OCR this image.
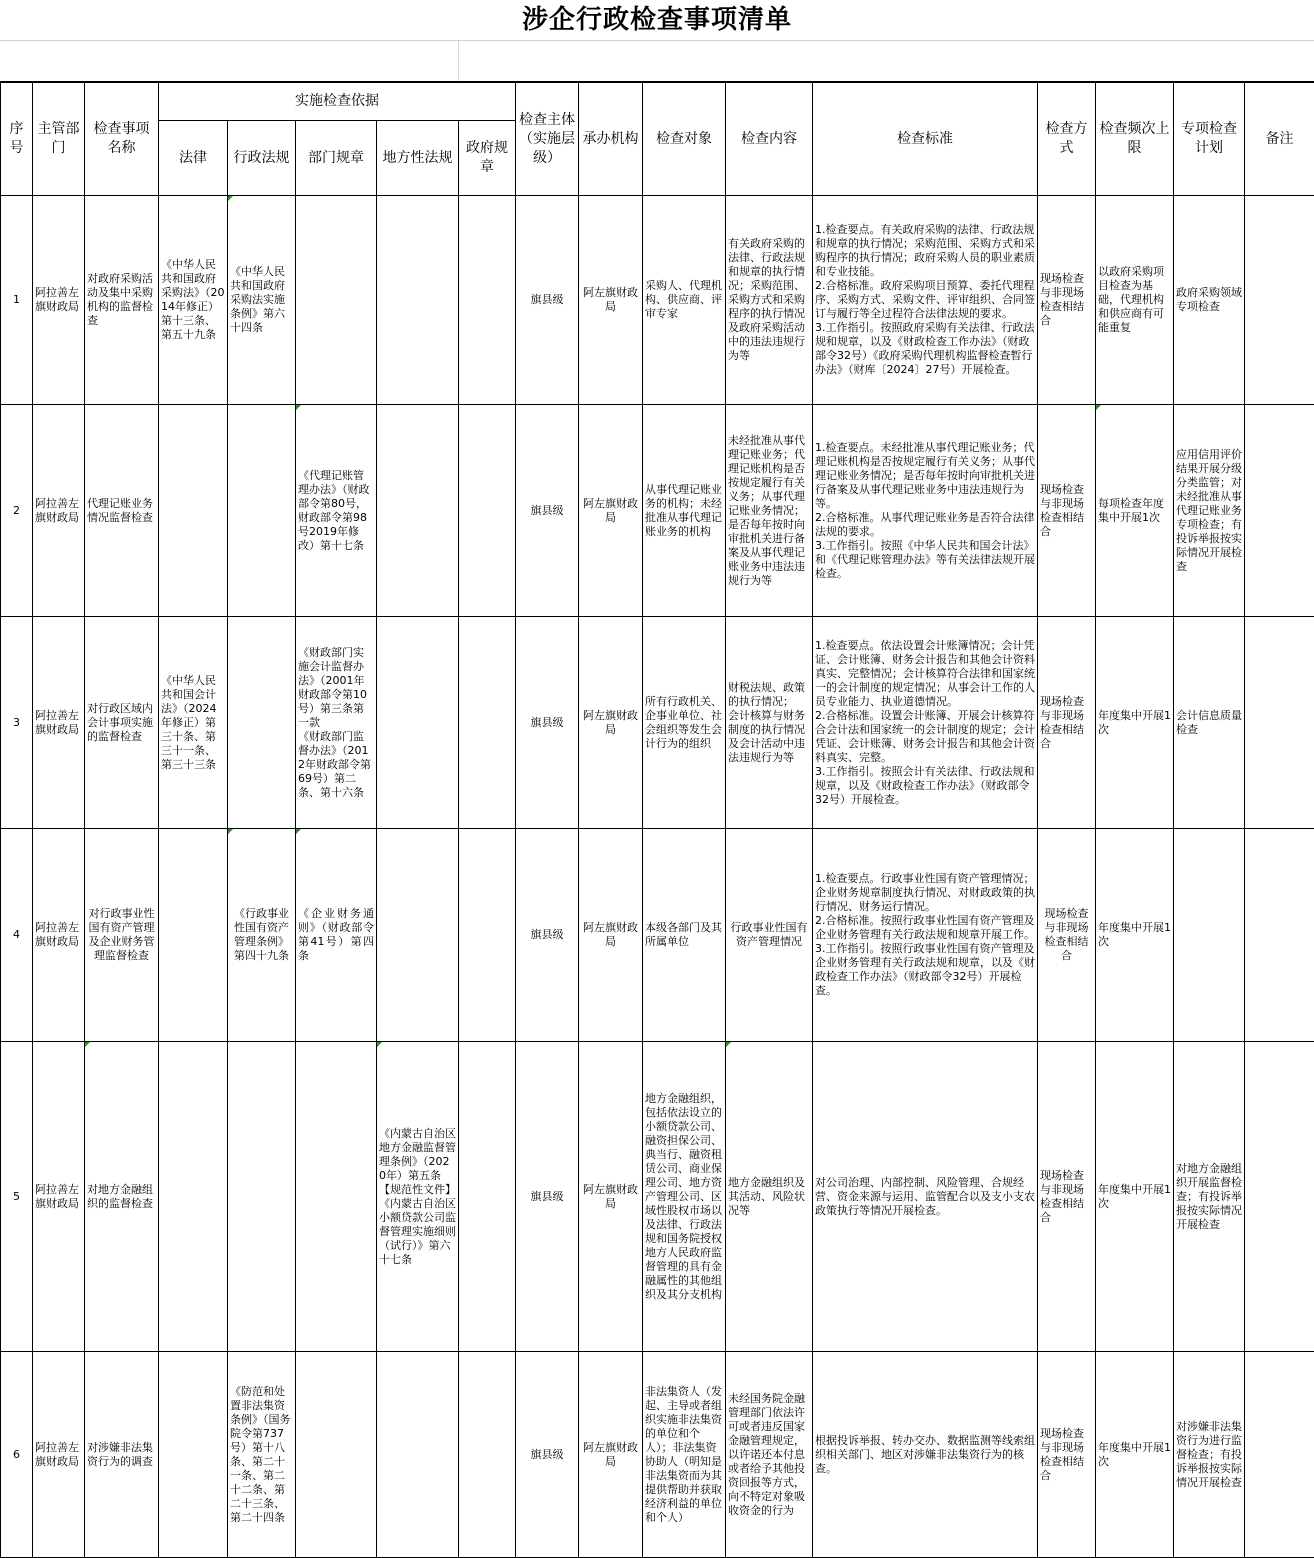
涉企行政检查事项清单
序号	主管部门	检查事项名称	实施检查依据					检查主体（实施层级）	承办机构	检查对象	检查内容	检查标准	检查方式	检查频次上限	专项检查计划	备注
			法律	行政法规	部门规章	地方性法规	政府规章									
1	阿拉善左旗财政局	对政府采购活动及集中采购机构的监督检查	《中华人民共和国政府采购法》（2014年修正）第十三条、第五十九条	《中华人民共和国政府采购法实施条例》第六十四条				旗县级	阿左旗财政局	采购人、代理机构、供应商、评审专家	有关政府采购的法律、行政法规和规章的执行情况；采购范围、采购方式和采购程序的执行情况及政府采购活动中的违法违规行为等	1.检查要点。有关政府采购的法律、行政法规和规章的执行情况；采购范围、采购方式和采购程序的执行情况；政府采购人员的职业素质和专业技能。
2.合格标准。政府采购项目预算、委托代理程序、采购方式、采购文件、评审组织、合同签订与履行等全过程符合法律法规的要求。
3.工作指引。按照政府采购有关法律、行政法规和规章，以及《财政检查工作办法》（财政部令32号）《政府采购代理机构监督检查暂行办法》（财库〔2024〕27号）开展检查。	现场检查与非现场检查相结合	以政府采购项目检查为基础，代理机构和供应商有可能重复	政府采购领域专项检查	
2	阿拉善左旗财政局	代理记账业务情况监督检查			《代理记账管理办法》（财政部令第80号，财政部令第98号2019年修改）第十七条			旗县级	阿左旗财政局	从事代理记账业务的机构；未经批准从事代理记账业务的机构	未经批准从事代理记账业务；代理记账机构是否按规定履行有关义务；从事代理记账业务情况；是否每年按时向审批机关进行备案及从事代理记账业务中违法违规行为等	1.检查要点。未经批准从事代理记账业务；代理记账机构是否按规定履行有关义务；从事代理记账业务情况；是否每年按时向审批机关进行备案及从事代理记账业务中违法违规行为等。
2.合格标准。从事代理记账业务是否符合法律法规的要求。
3.工作指引。按照《中华人民共和国会计法》和《代理记账管理办法》等有关法律法规开展检查。	现场检查与非现场检查相结合	每项检查年度集中开展1次	应用信用评价结果开展分级分类监管；对未经批准从事代理记账业务专项检查；有投诉举报按实际情况开展检查	
3	阿拉善左旗财政局	对行政区域内会计事项实施的监督检查	《中华人民共和国会计法》（2024年修正）第三十条、第三十一条、第三十三条		《财政部门实施会计监督办法》（2001年财政部令第10号）第三条第一款
《财政部门监督办法》（2012年财政部令第69号）第二条、第十六条			旗县级	阿左旗财政局	所有行政机关、企事业单位、社会组织等发生会计行为的组织	财税法规、政策的执行情况；
会计核算与财务制度的执行情况及会计活动中违法违规行为等	1.检查要点。依法设置会计账簿情况；会计凭证、会计账簿、财务会计报告和其他会计资料真实、完整情况；会计核算符合法律和国家统一的会计制度的规定情况；从事会计工作的人员专业能力、执业道德情况。
2.合格标准。设置会计账簿、开展会计核算符合会计法和国家统一的会计制度的规定；会计凭证、会计账簿、财务会计报告和其他会计资料真实、完整。
3.工作指引。按照会计有关法律、行政法规和规章，以及《财政检查工作办法》（财政部令32号）开展检查。	现场检查与非现场检查相结合	年度集中开展1次	会计信息质量检查	
4	阿拉善左旗财政局	对行政事业性国有资产管理及企业财务管理监督检查		《行政事业性国有资产管理条例》第四十九条	《企业财务通则》（财政部令第41号）第四条			旗县级	阿左旗财政局	本级各部门及其所属单位	行政事业性国有资产管理情况	1.检查要点。行政事业性国有资产管理情况；企业财务规章制度执行情况、对财政政策的执行情况、财务运行情况。
2.合格标准。按照行政事业性国有资产管理及企业财务管理有关行政法规和规章开展工作。
3.工作指引。按照行政事业性国有资产管理及企业财务管理有关行政法规和规章，以及《财政检查工作办法》（财政部令32号）开展检查。	现场检查与非现场检查相结合	年度集中开展1次		
5	阿拉善左旗财政局	对地方金融组织的监督检查				《内蒙古自治区地方金融监督管理条例》（2020年）第五条
【规范性文件】《内蒙古自治区小额贷款公司监督管理实施细则（试行）》第六十七条		旗县级	阿左旗财政局	地方金融组织，包括依法设立的小额贷款公司、融资担保公司、典当行、融资租赁公司、商业保理公司、地方资产管理公司、区域性股权市场以及法律、行政法规和国务院授权地方人民政府监督管理的具有金融属性的其他组织及其分支机构	地方金融组织及其活动、风险状况等	对公司治理、内部控制、风险管理、合规经营、资金来源与运用、监管配合以及支小支农政策执行等情况开展检查。	现场检查与非现场检查相结合	年度集中开展1次	对地方金融组织开展监督检查；有投诉举报按实际情况开展检查	
6	阿拉善左旗财政局	对涉嫌非法集资行为的调查		《防范和处置非法集资条例》（国务院令第737号）第十八条、第二十一条、第二十二条、第二十三条、第二十四条				旗县级	阿左旗财政局	非法集资人（发起、主导或者组织实施非法集资的单位和个人）；非法集资协助人（明知是非法集资而为其提供帮助并获取经济利益的单位和个人）	未经国务院金融管理部门依法许可或者违反国家金融管理规定，以许诺还本付息或者给予其他投资回报等方式，向不特定对象吸收资金的行为	根据投诉举报、转办交办、数据监测等线索组织相关部门、地区对涉嫌非法集资行为的核查。	现场检查与非现场检查相结合	年度集中开展1次	对涉嫌非法集资行为进行监督检查；有投诉举报按实际情况开展检查	
